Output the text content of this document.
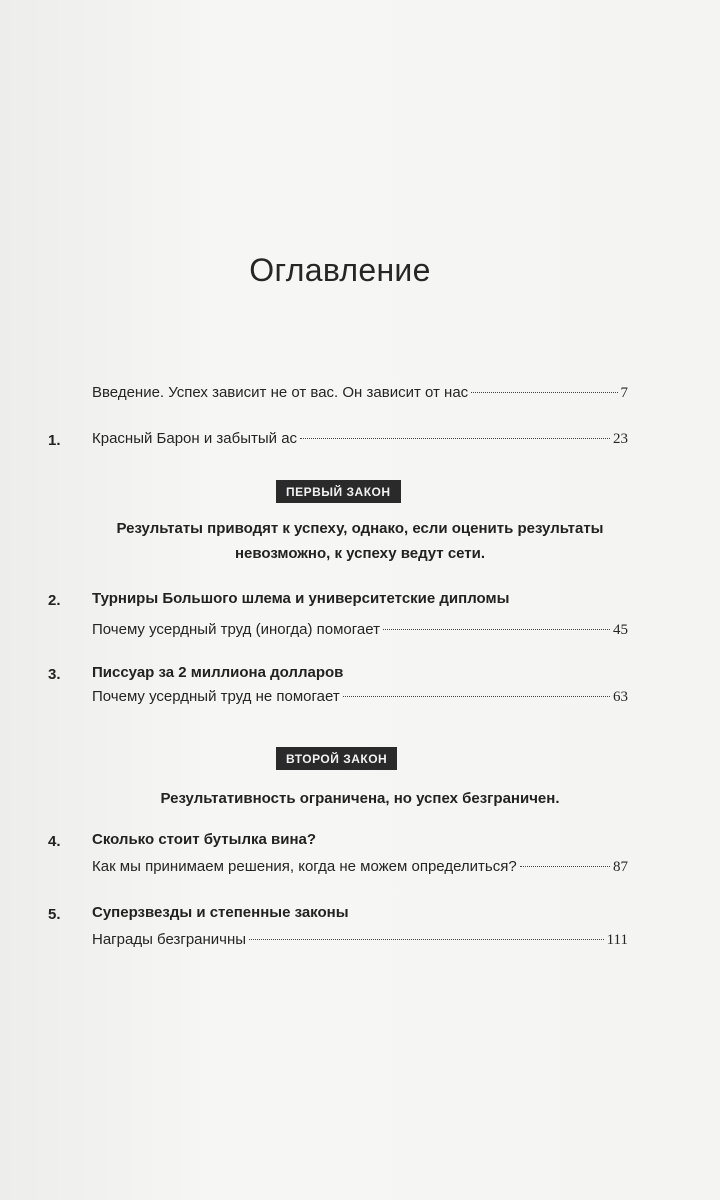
Оглавление
Введение. Успех зависит не от вас. Он зависит от нас	7
1. Красный Барон и забытый ас	23
ПЕРВЫЙ ЗАКОН
Результаты приводят к успеху, однако, если оценить результаты
невозможно, к успеху ведут сети.
2. Турниры Большого шлема и университетские дипломы
Почему усердный труд (иногда) помогает	45
3. Писсуар за 2 миллиона долларов
Почему усердный труд не помогает	63
ВТОРОЙ ЗАКОН
Результативность ограничена, но успех безграничен.
4. Сколько стоит бутылка вина?
Как мы принимаем решения, когда не можем определиться?	87
5. Суперзвезды и степенные законы
Награды безграничны	111
